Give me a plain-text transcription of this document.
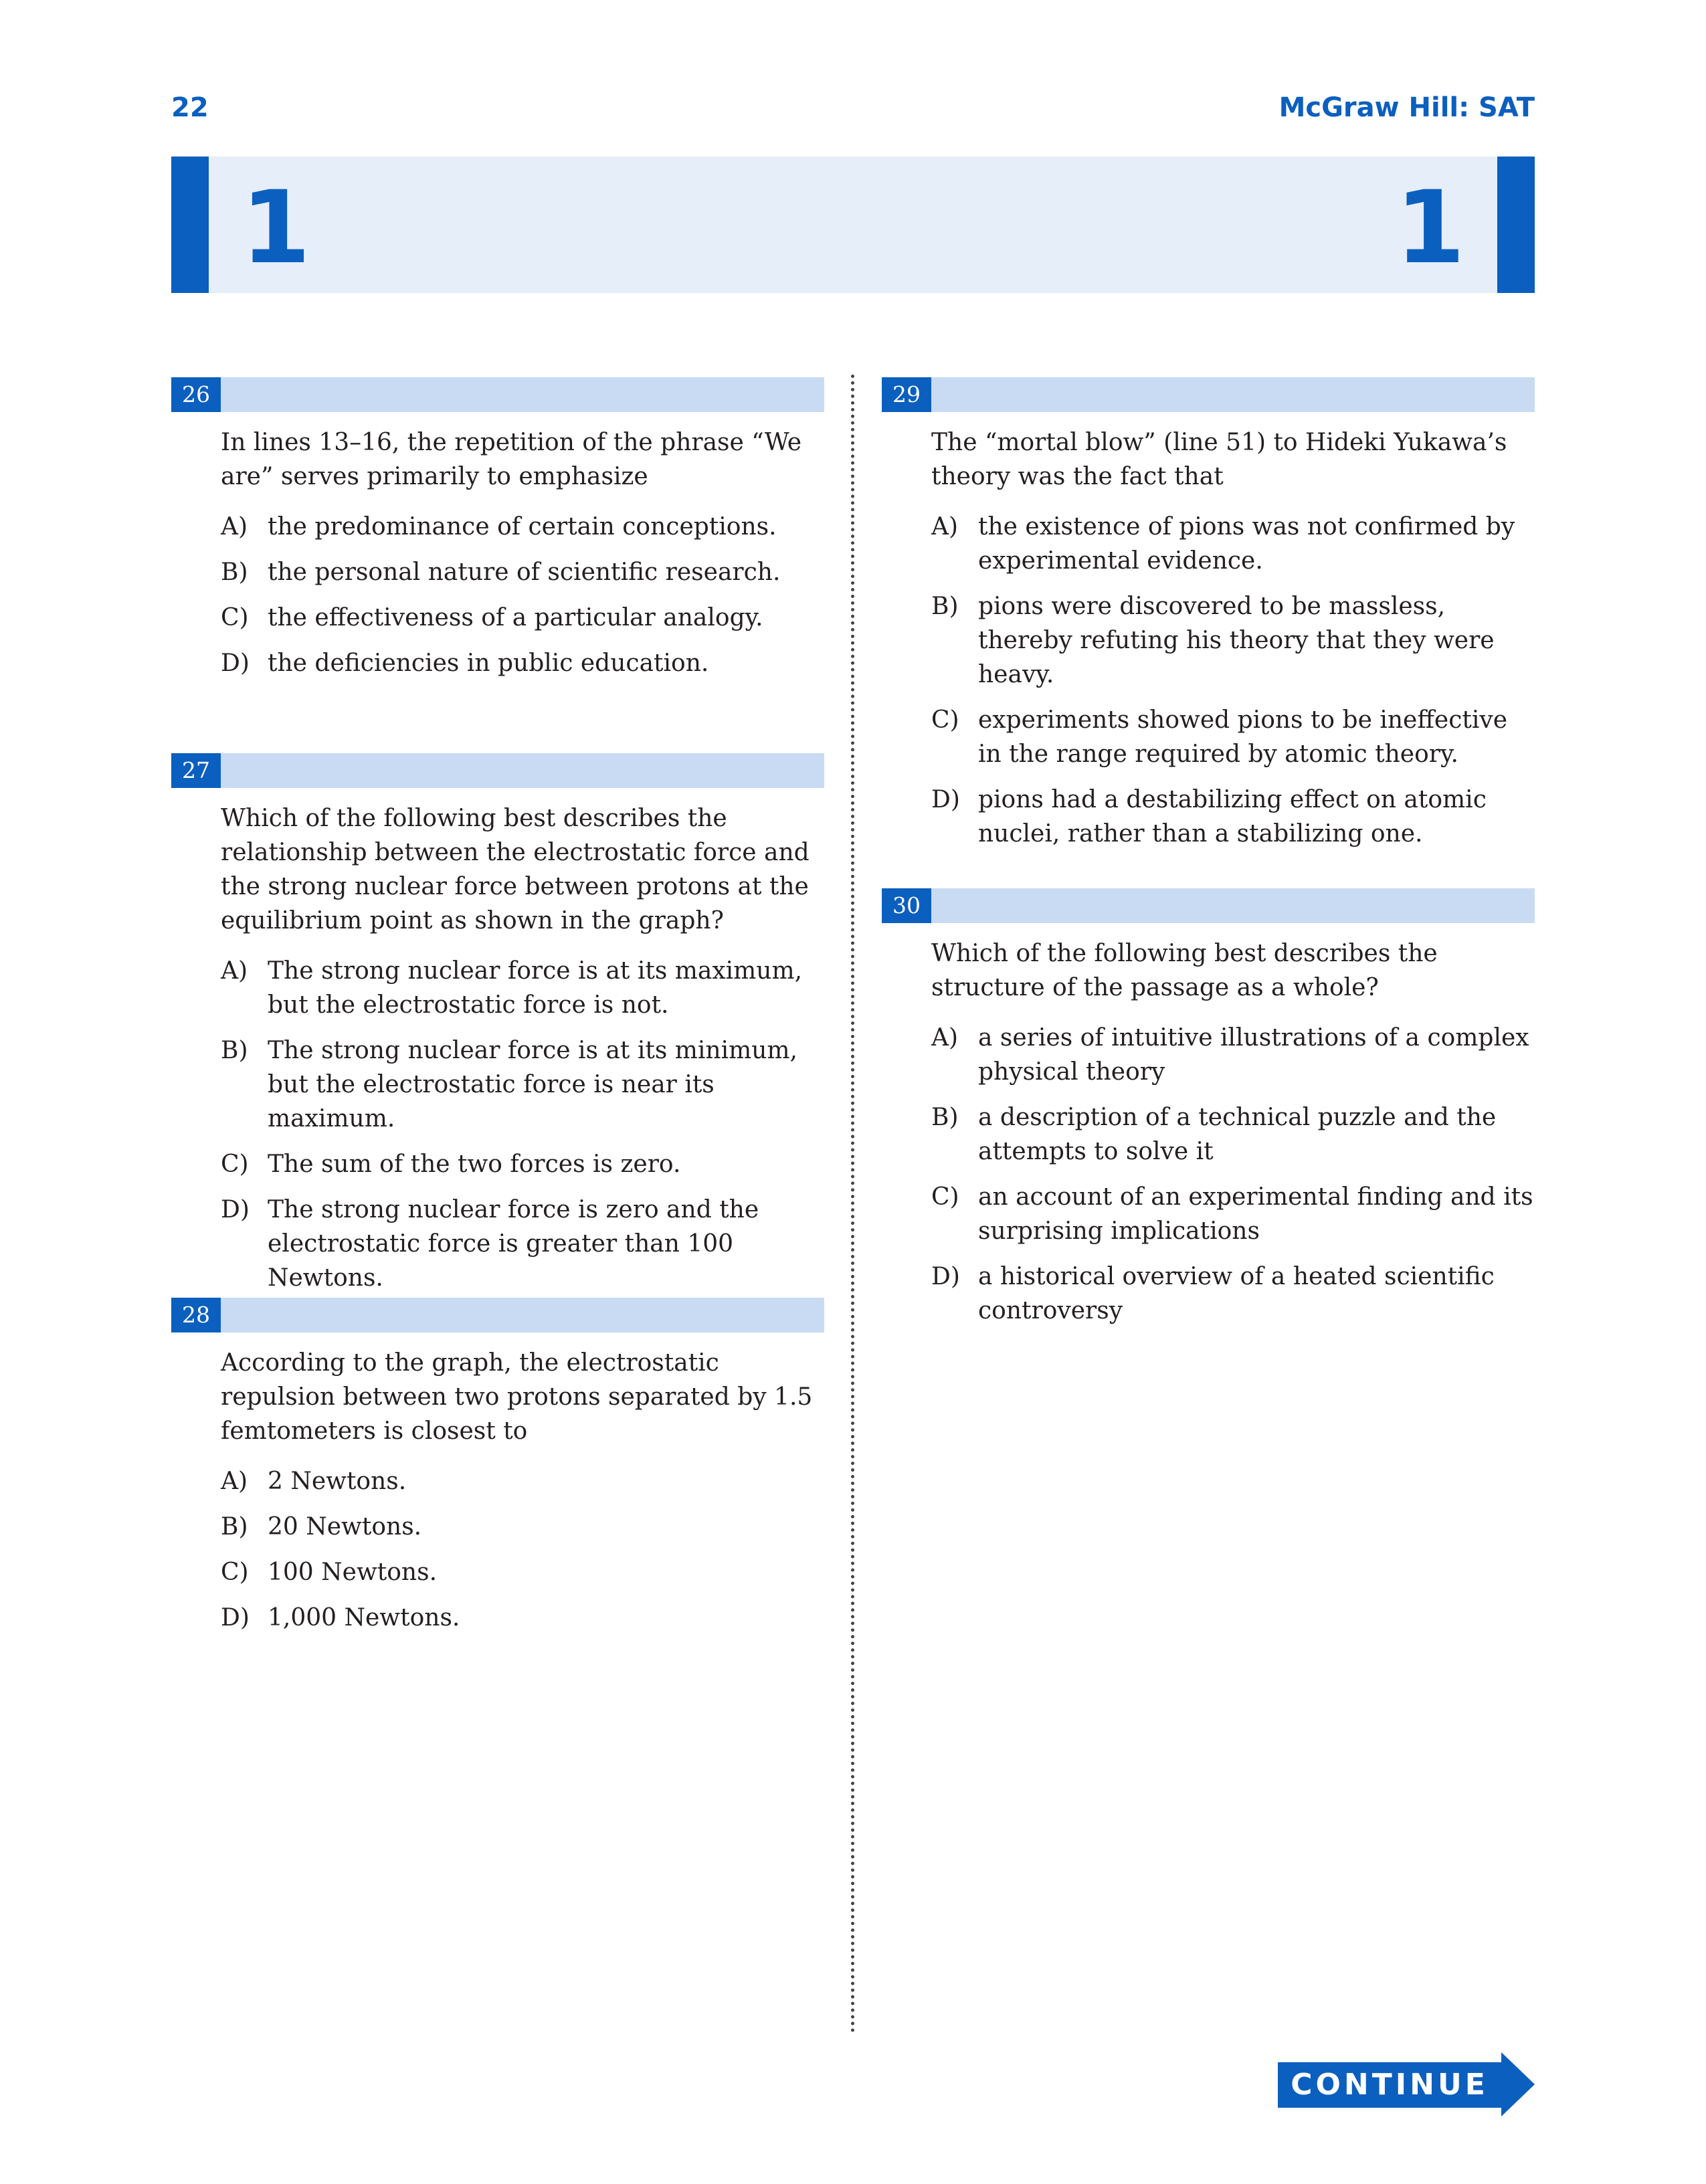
22	McGraw Hill: SAT
1	1
26
In lines 13–16, the repetition of the phrase “We are” serves primarily to emphasize
A) the predominance of certain conceptions.
B) the personal nature of scientific research.
C) the effectiveness of a particular analogy.
D) the deficiencies in public education.
27
Which of the following best describes the relationship between the electrostatic force and the strong nuclear force between protons at the equilibrium point as shown in the graph?
A) The strong nuclear force is at its maximum, but the electrostatic force is not.
B) The strong nuclear force is at its minimum, but the electrostatic force is near its maximum.
C) The sum of the two forces is zero.
D) The strong nuclear force is zero and the electrostatic force is greater than 100 Newtons.
28
According to the graph, the electrostatic repulsion between two protons separated by 1.5 femtometers is closest to
A) 2 Newtons.
B) 20 Newtons.
C) 100 Newtons.
D) 1,000 Newtons.
29
The “mortal blow” (line 51) to Hideki Yukawa’s theory was the fact that
A) the existence of pions was not confirmed by experimental evidence.
B) pions were discovered to be massless, thereby refuting his theory that they were heavy.
C) experiments showed pions to be ineffective in the range required by atomic theory.
D) pions had a destabilizing effect on atomic nuclei, rather than a stabilizing one.
30
Which of the following best describes the structure of the passage as a whole?
A) a series of intuitive illustrations of a complex physical theory
B) a description of a technical puzzle and the attempts to solve it
C) an account of an experimental finding and its surprising implications
D) a historical overview of a heated scientific controversy
CONTINUE
